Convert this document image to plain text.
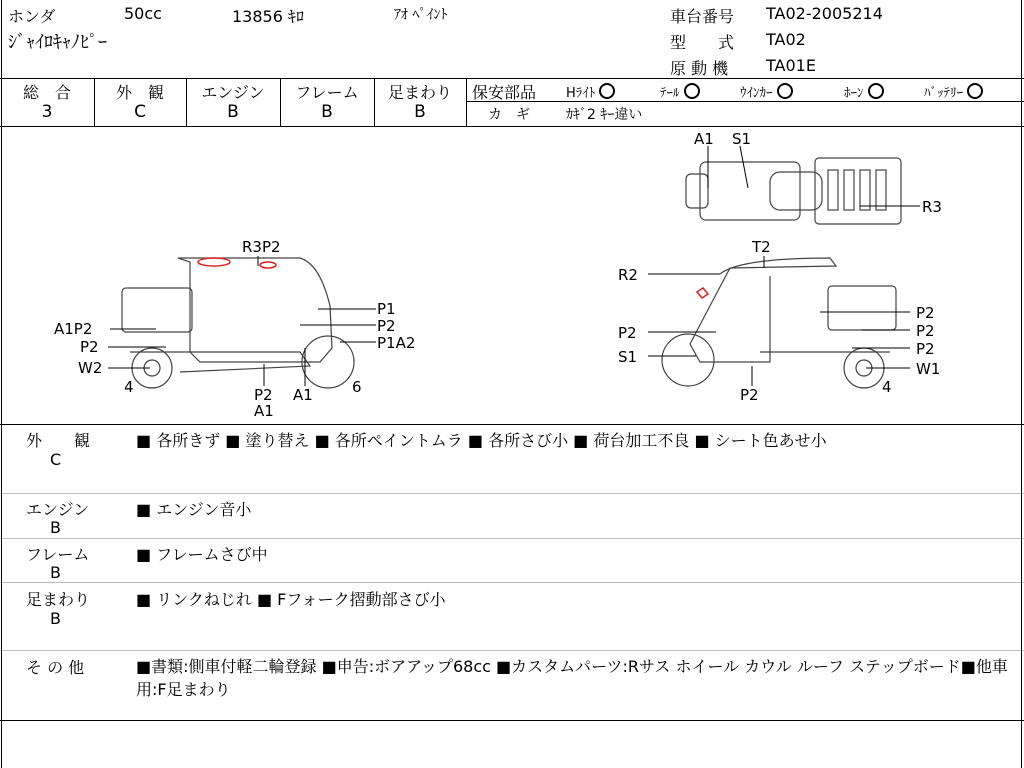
ホンダ	50cc	13856 ｷﾛ	ｱｵ ﾍﾟｲﾝﾄ
ｼﾞｬｲﾛｷｬﾉﾋﾟｰ
車台番号 TA02-2005214
型　　式 TA02
原 動 機 TA01E
総　合	外　観	エンジン	フレーム	足まわり
3	C	B	B	B
保安部品 Hﾗｲﾄ	ﾃｰﾙ	ｳｲﾝｶｰ	ﾎｰﾝ	ﾊﾞｯﾃﾘｰ
カ　ギ	ｶｷﾞ2 ｷｰ違い
A1 S1
R3
R3P2
P1
P2
P1A2
A1P2
P2
W2
4	P2
A1
A1	6
T2
R2
P2
P2	P2
P2
S1
P2
W1
4
外　　観
C
■ 各所きず ■ 塗り替え ■ 各所ペイントムラ ■ 各所さび小 ■ 荷台加工不良 ■ シート色あせ小
エンジン
B
■ エンジン音小
フレーム
B
■ フレームさび中
足まわり
B
■ リンクねじれ ■ Fフォーク摺動部さび小
そ の 他	■書類:側車付軽二輪登録 ■申告:ボアアップ68cc ■カスタムパーツ:Rサス ホイール カウル ルーフ ステップボード■他車用:F足まわり
